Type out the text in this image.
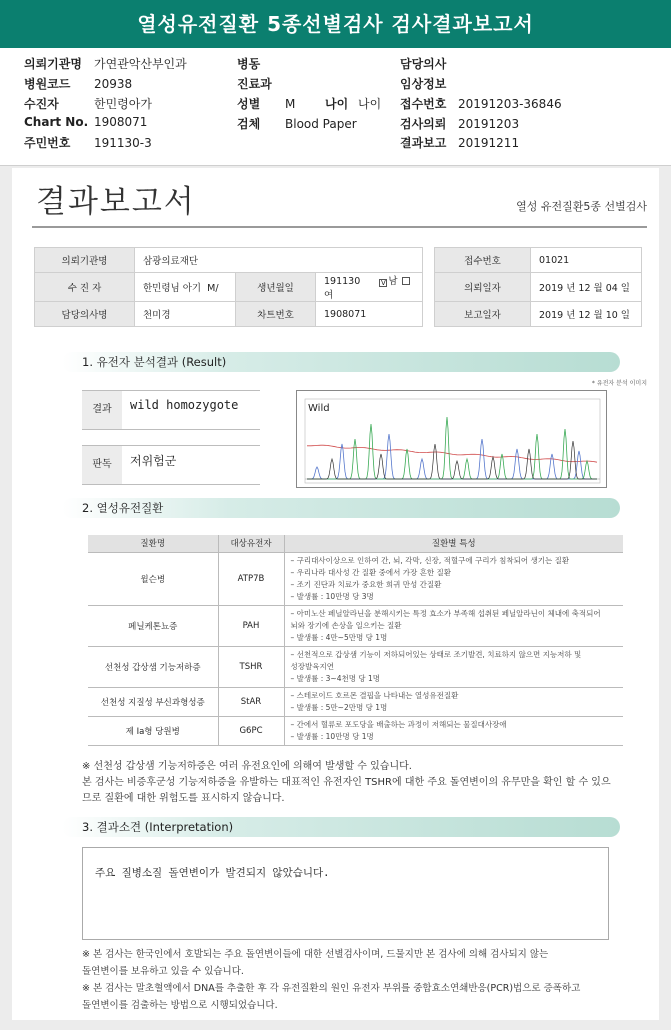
열성유전질환 5종선별검사 검사결과보고서
의뢰기관명 가연관악산부인과
병원코드 20938
수진자	한민령아가
Chart No. 1908071
주민번호 191130-3
병동
진료과
성별 M 나이 나이
검체 Blood Paper
담당의사
임상정보
접수번호 20191203-36846
검사의뢰 20191203
결과보고 20191211
결과보고서	열성 유전질환5종 선별검사
의뢰기관명	삼광의료재단				접수번호	01021
수 진 자	한민령님 아기 M/	생년월일	191130 V 남 여		의뢰일자	2019 년 12 월 04 일
담당의사명	천미경	차트번호	1908071		보고일자	2019 년 12 월 10 일
1. 유전자 분석결과 (Result)
* 유전자 분석 이미지
결과	wild homozygote
판독	저위험군
Wild
2. 열성유전질환
질환명	대상유전자	질환별 특성
윌슨병	ATP7B	– 구리대사이상으로 인하여 간, 뇌, 각막, 신장, 적혈구에 구리가 침착되어 생기는 질환
– 우리나라 대사성 간 질환 중에서 가장 흔한 질환
– 조기 진단과 치료가 중요한 희귀 만성 간질환
– 발생률 : 10만명 당 3명

페닐케톤뇨증	PAH	– 아미노산 페닐알라닌을 분해시키는 특정 효소가 부족해 섭취된 페닐알라닌이 체내에 축적되어
뇌와 장기에 손상을 일으키는 질환
– 발생률 : 4만~5만명 당 1명

선천성 갑상샘 기능저하증	TSHR	– 선천적으로 갑상샘 기능이 저하되어있는 상태로 조기발견, 치료하지 않으면 지능저하 및
성장발육지연
– 발생률 : 3~4천명 당 1명

선천성 지질성 부신과형성증	StAR	– 스테로이드 호르몬 결핍을 나타내는 열성유전질환
– 발생률 : 5만~2만명 당 1명

제 Ia형 당원병	G6PC	– 간에서 혈류로 포도당을 배출하는 과정이 저해되는 물질대사장애
– 발생률 : 10만명 당 1명
※ 선천성 갑상샘 기능저하증은 여러 유전요인에 의해여 발생할 수 있습니다.
본 검사는 비증후군성 기능저하증을 유발하는 대표적인 유전자인 TSHR에 대한 주요 돌연변이의 유무만을 확인 할 수 있으
므로 질환에 대한 위험도를 표시하지 않습니다.
3. 결과소견 (Interpretation)
주요 질병소질 돌연변이가 발견되지 않았습니다.
※ 본 검사는 한국인에서 호발되는 주요 돌연변이들에 대한 선별검사이며, 드물지만 본 검사에 의해 검사되지 않는
돌연변이를 보유하고 있을 수 있습니다.
※ 본 검사는 말초혈액에서 DNA를 추출한 후 각 유전질환의 원인 유전자 부위를 중합효소연쇄반응(PCR)법으로 증폭하고
돌연변이를 검출하는 방법으로 시행되었습니다.
